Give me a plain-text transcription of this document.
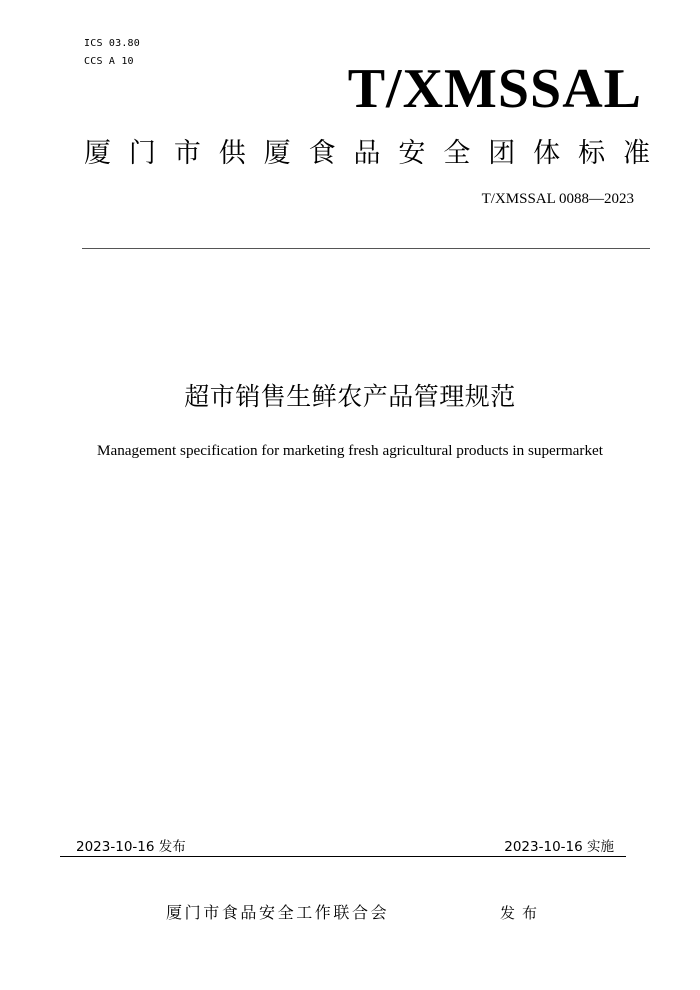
ICS 03.80
CCS A 10	T/XMSSAL
厦门市供厦食品安全团体标准
T/XMSSAL 0088—2023
超市销售生鲜农产品管理规范
Management specification for marketing fresh agricultural products in supermarket
2023-10-16 发布	2023-10-16 实施
厦门市食品安全工作联合会	发布
